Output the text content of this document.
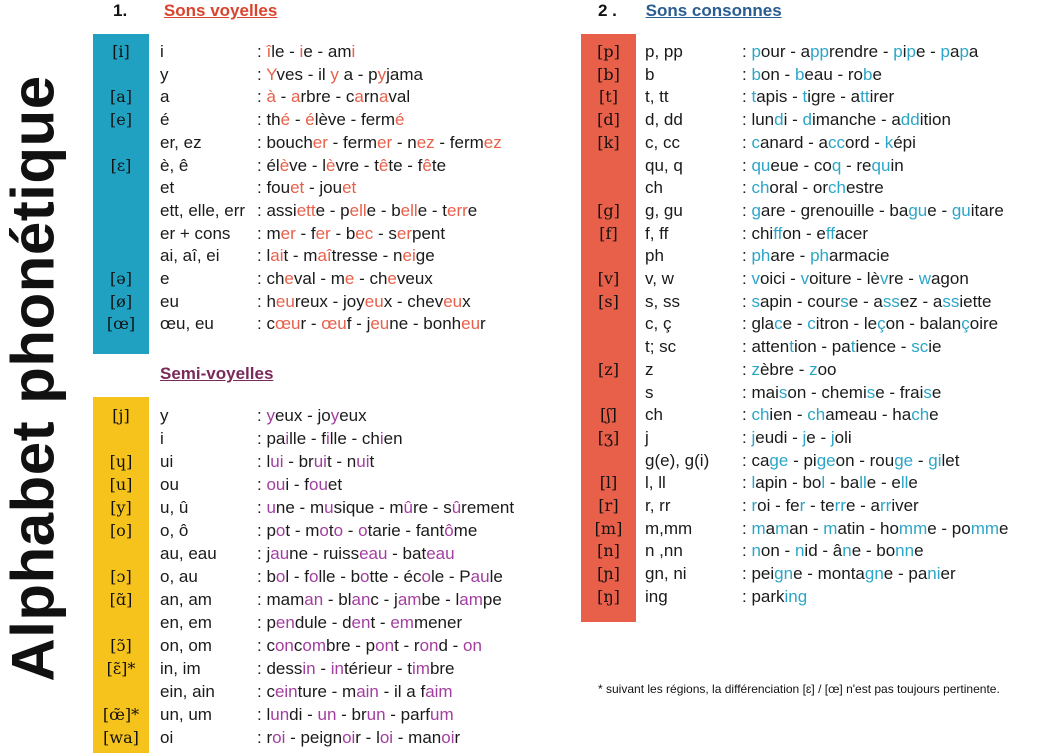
Alphabet phonétique
1. Sons voyelles
Semi-voyelles
2 . Sons consonnes
[i]	i	: île - ie - ami
y	: Yves - il y a - pyjama
[a]	a	: à - arbre - carnaval
[e]	é	: thé - élève - fermé
er, ez	: boucher - fermer - nez - fermez
[ɛ]	è, ê	: élève - lèvre - tête - fête
et	: fouet - jouet
ett, elle, err : assiette - pelle - belle - terre
er + cons : mer - fer - bec - serpent
ai, aî, ei : lait - maîtresse - neige
[ə]	e	: cheval - me - cheveux
[ø]	eu	: heureux - joyeux - cheveux
[œ]	œu, eu	: cœur - œuf - jeune - bonheur
[j]	y	: yeux - joyeux
i	: paille - fille - chien
[ɥ]	ui	: lui - bruit - nuit
[u]	ou	: oui - fouet
[y]	u, û	: une - musique - mûre - sûrement
[o]	o, ô	: pot - moto - otarie - fantôme
au, eau : jaune - ruisseau - bateau
[ɔ]	o, au	: bol - folle - botte - école - Paule
[ɑ̃]	an, am	: maman - blanc - jambe - lampe
en, em	: pendule - dent - emmener
[ɔ̃]	on, om	: concombre - pont - rond - on
[ɛ̃]*	in, im	: dessin - intérieur - timbre
ein, ain : ceinture - main - il a faim
[œ̃]*	un, um	: lundi - un - brun - parfum
[wa]	oi	: roi - peignoir - loi - manoir
[p]	p, pp	: pour - apprendre - pipe - papa
[b]	b	: bon - beau - robe
[t]	t, tt	: tapis - tigre - attirer
[d]	d, dd	: lundi - dimanche - addition
[k]	c, cc	: canard - accord - képi
qu, q	: queue - coq - requin
ch	: choral - orchestre
[g]	g, gu	: gare - grenouille - bague - guitare
[f]	f, ff	: chiffon - effacer
ph	: phare - pharmacie
[v]	v, w	: voici - voiture - lèvre - wagon
[s]	s, ss	: sapin - course - assez - assiette
c, ç	: glace - citron - leçon - balançoire
t; sc	: attention - patience - scie
[z]	z	: zèbre - zoo
s	: maison - chemise - fraise
[ʃ]	ch	: chien - chameau - hache
[ʒ]	j	: jeudi - je - joli
g(e), g(i) : cage - pigeon - rouge - gilet
[l]	l, ll	: lapin - bol - balle - elle
[r]	r, rr	: roi - fer - terre - arriver
[m]	m,mm	: maman - matin - homme - pomme
[n]	n ,nn	: non - nid - âne - bonne
[ɲ]	gn, ni	: peigne - montagne - panier
[ŋ]	ing	: parking
* suivant les régions, la différenciation [ɛ] / [œ] n'est pas toujours pertinente.
